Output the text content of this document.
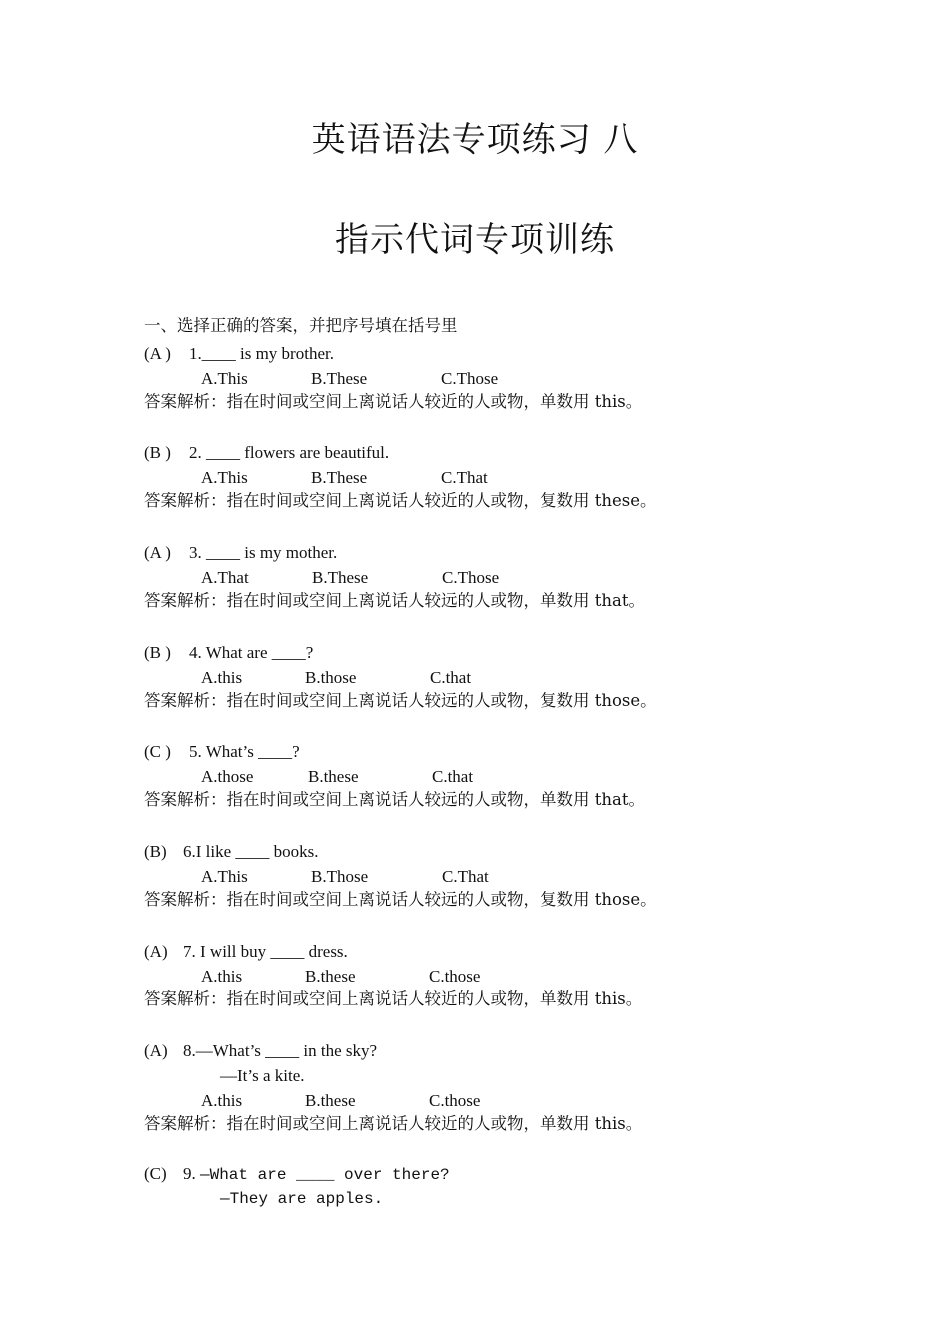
英语语法专项练习 八
指示代词专项训练
一、选择正确的答案，并把序号填在括号里
(A ) 1.____ is my brother.
A.This	B.These	C.Those
答案解析：指在时间或空间上离说话人较近的人或物，单数用 this。
(B ) 2. ____ flowers are beautiful.
A.This	B.These	C.That
答案解析：指在时间或空间上离说话人较近的人或物，复数用 these。
(A ) 3. ____ is my mother.
A.That	B.These	C.Those
答案解析：指在时间或空间上离说话人较远的人或物，单数用 that。
(B ) 4. What are ____?
A.this	B.those	C.that
答案解析：指在时间或空间上离说话人较远的人或物，复数用 those。
(C ) 5. What’s ____?
A.those	B.these	C.that
答案解析：指在时间或空间上离说话人较远的人或物，单数用 that。
(B) 6.I like ____ books.
A.This	B.Those	C.That
答案解析：指在时间或空间上离说话人较远的人或物，复数用 those。
(A) 7. I will buy ____ dress.
A.this	B.these	C.those
答案解析：指在时间或空间上离说话人较近的人或物，单数用 this。
(A) 8.—What’s ____ in the sky?
—It’s a kite.
A.this	B.these	C.those
答案解析：指在时间或空间上离说话人较近的人或物，单数用 this。
(C) 9. —What are ____ over there?
—They are apples.
